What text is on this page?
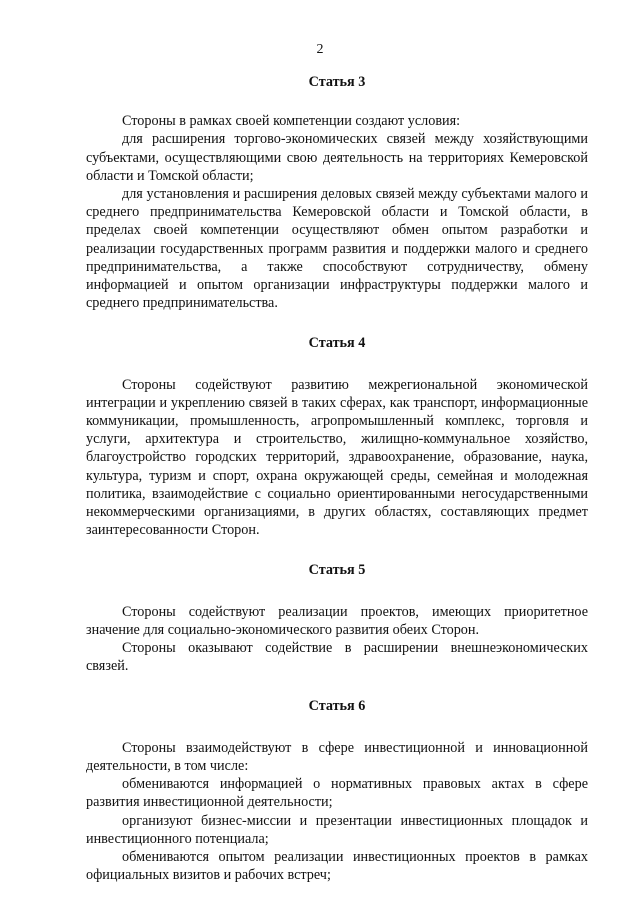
2

Статья 3

Стороны в рамках своей компетенции создают условия:

для расширения торгово-экономических связей между хозяйствующими субъектами, осуществляющими свою деятельность на территориях Кемеровской области и Томской области;

для установления и расширения деловых связей между субъектами малого и среднего предпринимательства Кемеровской области и Томской области, в пределах своей компетенции осуществляют обмен опытом разработки и реализации государственных программ развития и поддержки малого и среднего предпринимательства, а также способствуют сотрудничеству, обмену информацией и опытом организации инфраструктуры поддержки малого и среднего предпринимательства.

Статья 4

Стороны содействуют развитию межрегиональной экономической интеграции и укреплению связей в таких сферах, как транспорт, информационные коммуникации, промышленность, агропромышленный комплекс, торговля и услуги, архитектура и строительство, жилищно-коммунальное хозяйство, благоустройство городских территорий, здравоохранение, образование, наука, культура, туризм и спорт, охрана окружающей среды, семейная и молодежная политика, взаимодействие с социально ориентированными негосударственными некоммерческими организациями, в других областях, составляющих предмет заинтересованности Сторон.

Статья 5

Стороны содействуют реализации проектов, имеющих приоритетное значение для социально-экономического развития обеих Сторон.

Стороны оказывают содействие в расширении внешнеэкономических связей.

Статья 6

Стороны взаимодействуют в сфере инвестиционной и инновационной деятельности, в том числе:

обмениваются информацией о нормативных правовых актах в сфере развития инвестиционной деятельности;

организуют бизнес-миссии и презентации инвестиционных площадок и инвестиционного потенциала;

обмениваются опытом реализации инвестиционных проектов в рамках официальных визитов и рабочих встреч;
